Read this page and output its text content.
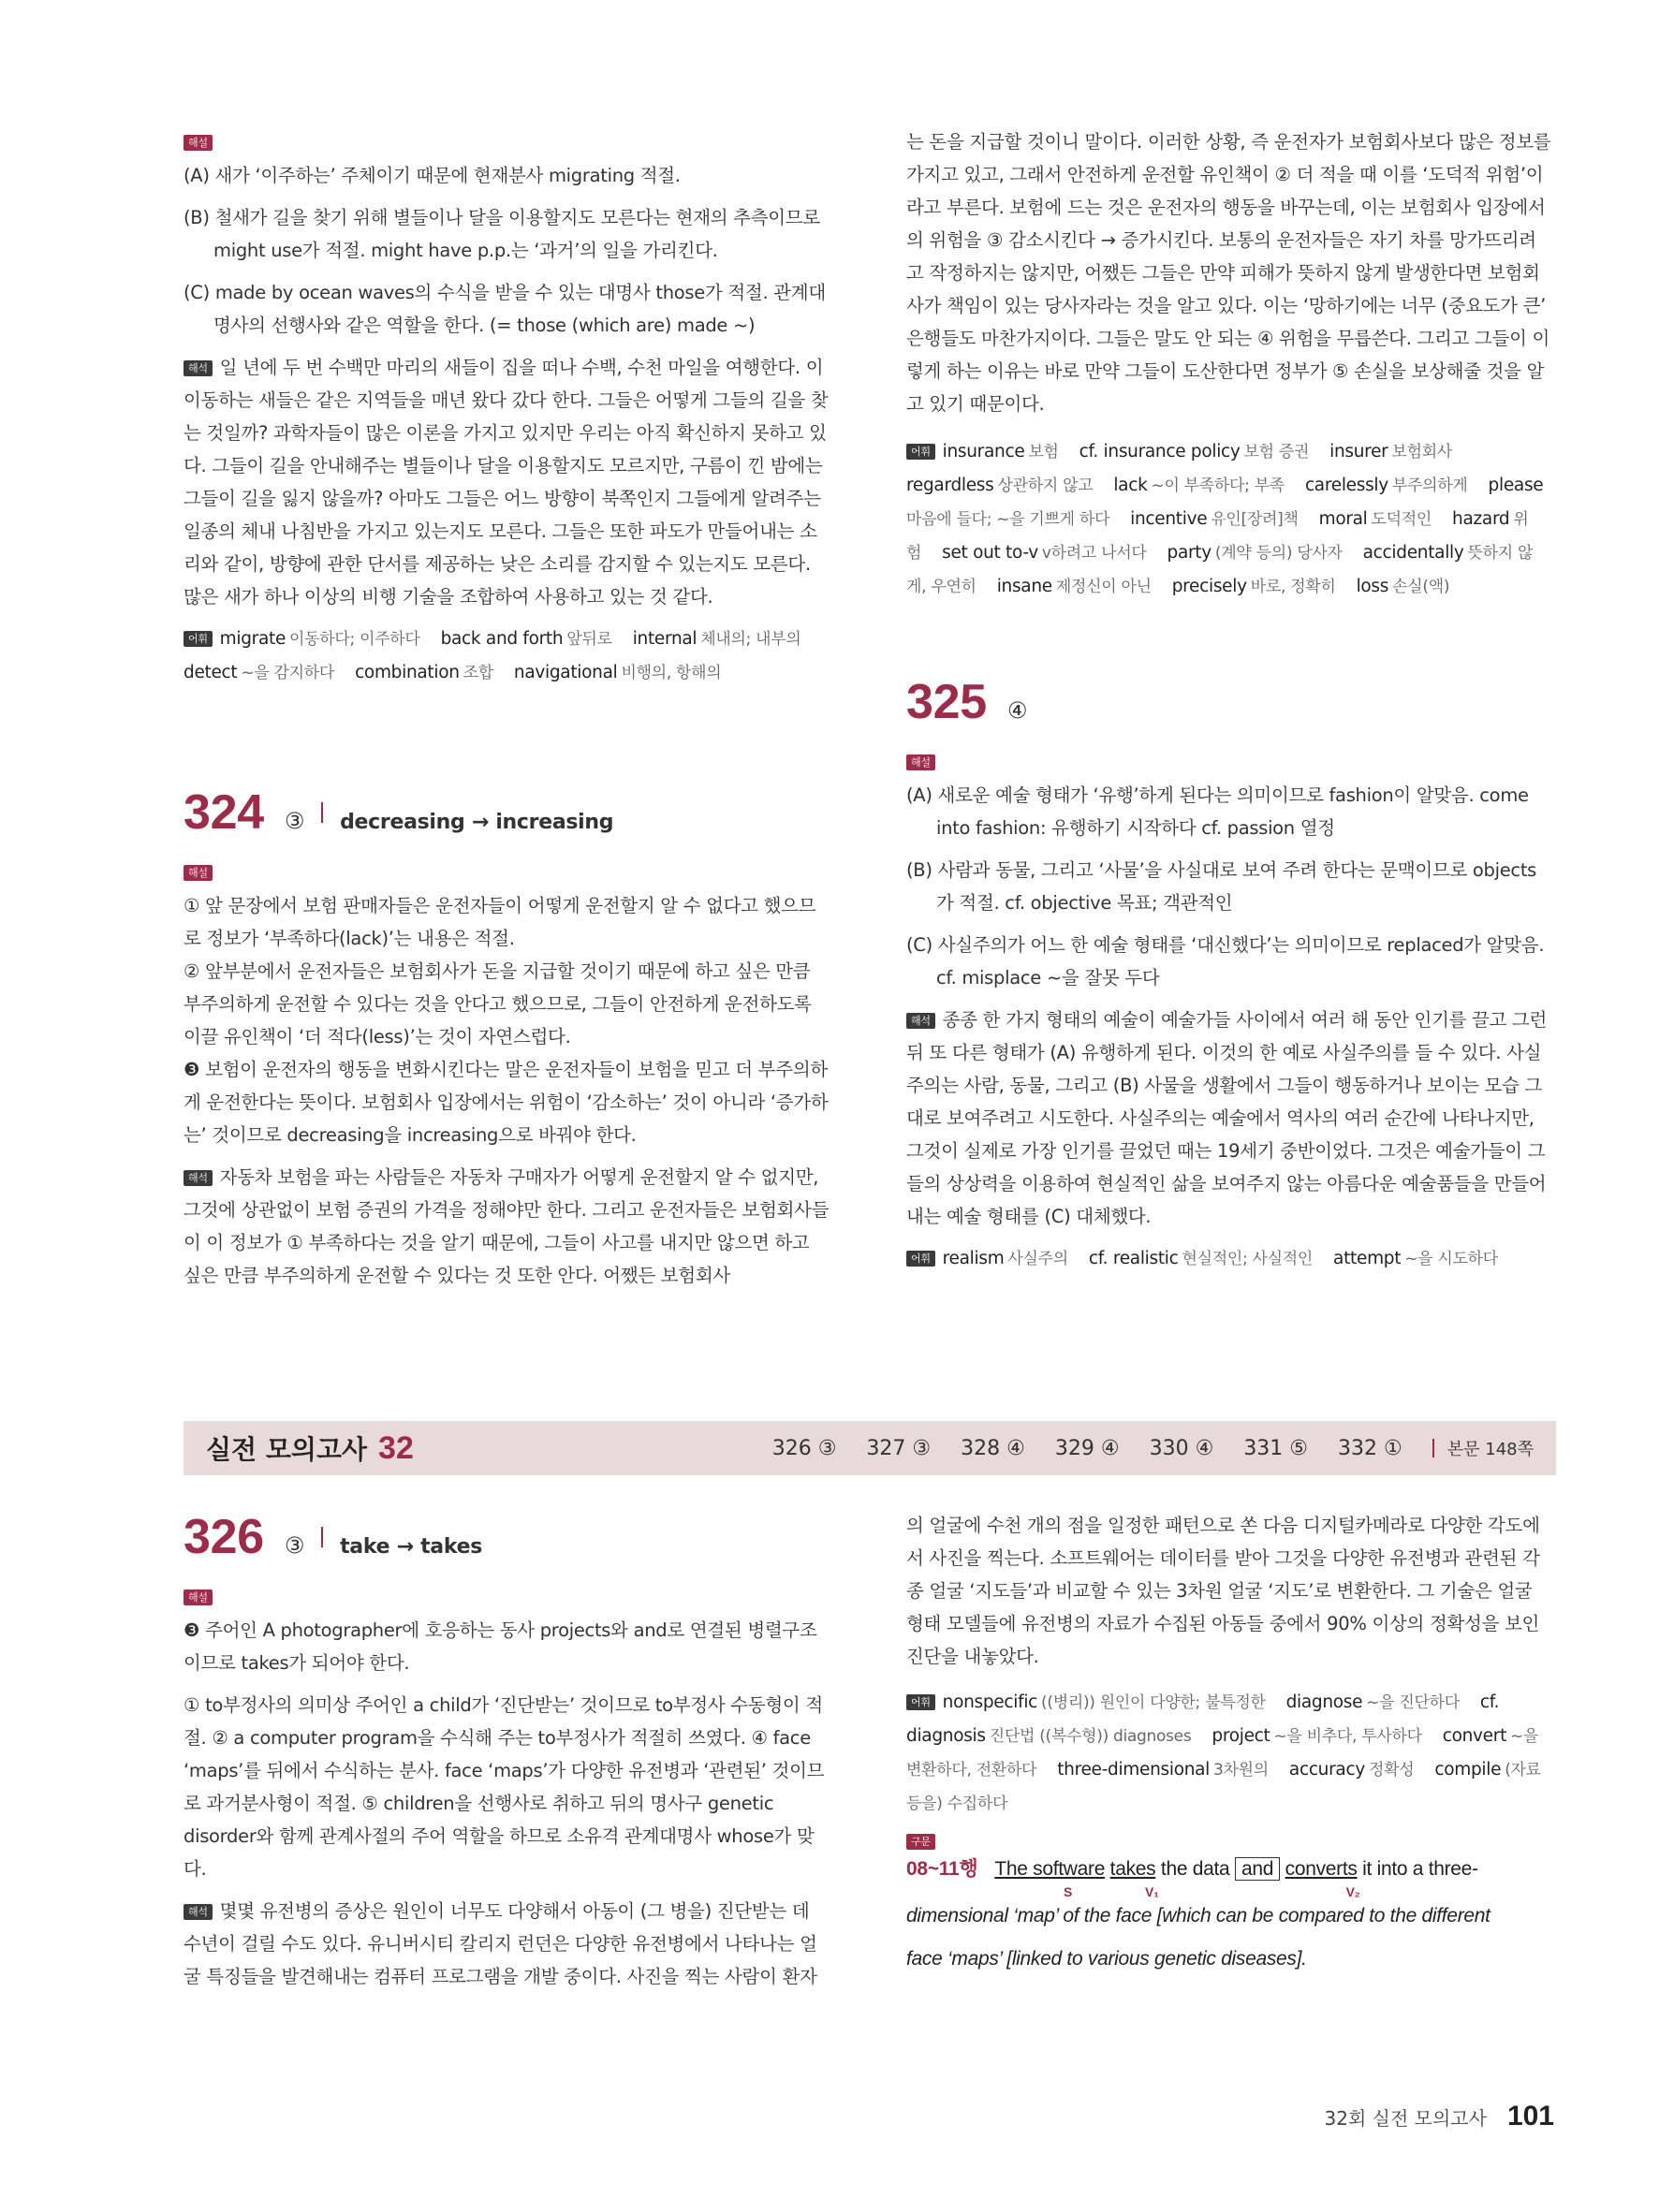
해설

(A) 새가 ‘이주하는’ 주체이기 때문에 현재분사 migrating 적절.

(B) 철새가 길을 찾기 위해 별들이나 달을 이용할지도 모른다는 현재의 추측이므로 might use가 적절. might have p.p.는 ‘과거’의 일을 가리킨다.

(C) made by ocean waves의 수식을 받을 수 있는 대명사 those가 적절. 관계대명사의 선행사와 같은 역할을 한다. (= those (which are) made ~)

해석 일 년에 두 번 수백만 마리의 새들이 집을 떠나 수백, 수천 마일을 여행한다. 이 이동하는 새들은 같은 지역들을 매년 왔다 갔다 한다. 그들은 어떻게 그들의 길을 찾는 것일까? 과학자들이 많은 이론을 가지고 있지만 우리는 아직 확신하지 못하고 있다. 그들이 길을 안내해주는 별들이나 달을 이용할지도 모르지만, 구름이 낀 밤에는 그들이 길을 잃지 않을까? 아마도 그들은 어느 방향이 북쪽인지 그들에게 알려주는 일종의 체내 나침반을 가지고 있는지도 모른다. 그들은 또한 파도가 만들어내는 소리와 같이, 방향에 관한 단서를 제공하는 낮은 소리를 감지할 수 있는지도 모른다. 많은 새가 하나 이상의 비행 기술을 조합하여 사용하고 있는 것 같다.

어휘 migrate 이동하다; 이주하다 back and forth 앞뒤로 internal 체내의; 내부의detect ~을 감지하다 combination 조합 navigational 비행의, 항해의

324 ③ decreasing → increasing
해설

① 앞 문장에서 보험 판매자들은 운전자들이 어떻게 운전할지 알 수 없다고 했으므로 정보가 ‘부족하다(lack)’는 내용은 적절.

② 앞부분에서 운전자들은 보험회사가 돈을 지급할 것이기 때문에 하고 싶은 만큼 부주의하게 운전할 수 있다는 것을 안다고 했으므로, 그들이 안전하게 운전하도록 이끌 유인책이 ‘더 적다(less)’는 것이 자연스럽다.

❸ 보험이 운전자의 행동을 변화시킨다는 말은 운전자들이 보험을 믿고 더 부주의하게 운전한다는 뜻이다. 보험회사 입장에서는 위험이 ‘감소하는’ 것이 아니라 ‘증가하는’ 것이므로 decreasing을 increasing으로 바꿔야 한다.

해석 자동차 보험을 파는 사람들은 자동차 구매자가 어떻게 운전할지 알 수 없지만, 그것에 상관없이 보험 증권의 가격을 정해야만 한다. 그리고 운전자들은 보험회사들이 이 정보가 ① 부족하다는 것을 알기 때문에, 그들이 사고를 내지만 않으면 하고 싶은 만큼 부주의하게 운전할 수 있다는 것 또한 안다. 어쨌든 보험회사

는 돈을 지급할 것이니 말이다. 이러한 상황, 즉 운전자가 보험회사보다 많은 정보를 가지고 있고, 그래서 안전하게 운전할 유인책이 ② 더 적을 때 이를 ‘도덕적 위험’이라고 부른다. 보험에 드는 것은 운전자의 행동을 바꾸는데, 이는 보험회사 입장에서의 위험을 ③ 감소시킨다 → 증가시킨다. 보통의 운전자들은 자기 차를 망가뜨리려고 작정하지는 않지만, 어쨌든 그들은 만약 피해가 뜻하지 않게 발생한다면 보험회사가 책임이 있는 당사자라는 것을 알고 있다. 이는 ‘망하기에는 너무 (중요도가 큰’ 은행들도 마찬가지이다. 그들은 말도 안 되는 ④ 위험을 무릅쓴다. 그리고 그들이 이렇게 하는 이유는 바로 만약 그들이 도산한다면 정부가 ⑤ 손실을 보상해줄 것을 알고 있기 때문이다.

어휘 insurance 보험 cf. insurance policy 보험 증권 insurer 보험회사regardless 상관하지 않고 lack ~이 부족하다; 부족 carelessly 부주의하게 please마음에 들다; ~을 기쁘게 하다 incentive 유인[장려]책 moral 도덕적인 hazard 위험 set out to-v v하려고 나서다 party (계약 등의) 당사자 accidentally 뜻하지 않게, 우연히 insane 제정신이 아닌 precisely 바로, 정확히 loss 손실(액)

325 ④
해설

(A) 새로운 예술 형태가 ‘유행’하게 된다는 의미이므로 fashion이 알맞음. come into fashion: 유행하기 시작하다 cf. passion 열정

(B) 사람과 동물, 그리고 ‘사물’을 사실대로 보여 주려 한다는 문맥이므로 objects가 적절. cf. objective 목표; 객관적인

(C) 사실주의가 어느 한 예술 형태를 ‘대신했다’는 의미이므로 replaced가 알맞음. cf. misplace ~을 잘못 두다

해석 종종 한 가지 형태의 예술이 예술가들 사이에서 여러 해 동안 인기를 끌고 그런 뒤 또 다른 형태가 (A) 유행하게 된다. 이것의 한 예로 사실주의를 들 수 있다. 사실주의는 사람, 동물, 그리고 (B) 사물을 생활에서 그들이 행동하거나 보이는 모습 그대로 보여주려고 시도한다. 사실주의는 예술에서 역사의 여러 순간에 나타나지만, 그것이 실제로 가장 인기를 끌었던 때는 19세기 중반이었다. 그것은 예술가들이 그들의 상상력을 이용하여 현실적인 삶을 보여주지 않는 아름다운 예술품들을 만들어내는 예술 형태를 (C) 대체했다.

어휘 realism 사실주의 cf. realistic 현실적인; 사실적인 attempt ~을 시도하다

실전 모의고사 32	326 ③ 327 ③ 328 ④ 329 ④ 330 ④ 331 ⑤ 332 ①	본문 148쪽
326 ③ take → takes
해설

❸ 주어인 A photographer에 호응하는 동사 projects와 and로 연결된 병렬구조이므로 takes가 되어야 한다.

① to부정사의 의미상 주어인 a child가 ‘진단받는’ 것이므로 to부정사 수동형이 적절. ② a computer program을 수식해 주는 to부정사가 적절히 쓰였다. ④ face ‘maps’를 뒤에서 수식하는 분사. face ‘maps’가 다양한 유전병과 ‘관련된’ 것이므로 과거분사형이 적절. ⑤ children을 선행사로 취하고 뒤의 명사구 genetic disorder와 함께 관계사절의 주어 역할을 하므로 소유격 관계대명사 whose가 맞다.

해석 몇몇 유전병의 증상은 원인이 너무도 다양해서 아동이 (그 병을) 진단받는 데 수년이 걸릴 수도 있다. 유니버시티 칼리지 런던은 다양한 유전병에서 나타나는 얼굴 특징들을 발견해내는 컴퓨터 프로그램을 개발 중이다. 사진을 찍는 사람이 환자

의 얼굴에 수천 개의 점을 일정한 패턴으로 쏜 다음 디지털카메라로 다양한 각도에서 사진을 찍는다. 소프트웨어는 데이터를 받아 그것을 다양한 유전병과 관련된 각종 얼굴 ‘지도들’과 비교할 수 있는 3차원 얼굴 ‘지도’로 변환한다. 그 기술은 얼굴 형태 모델들에 유전병의 자료가 수집된 아동들 중에서 90% 이상의 정확성을 보인 진단을 내놓았다.

어휘 nonspecific ((병리)) 원인이 다양한; 불특정한 diagnose ~을 진단하다 cf. diagnosis 진단법 ((복수형)) diagnoses project ~을 비추다, 투사하다 convert ~을 변환하다, 전환하다 three-dimensional 3차원의 accuracy 정확성 compile (자료 등을) 수집하다

구문
08~11행 The software takes the data and converts it into a three-
S	V₁	V₂
dimensional ‘map’ of the face [which can be compared to the different
face ‘maps’ [linked to various genetic diseases].
32회 실전 모의고사 101
